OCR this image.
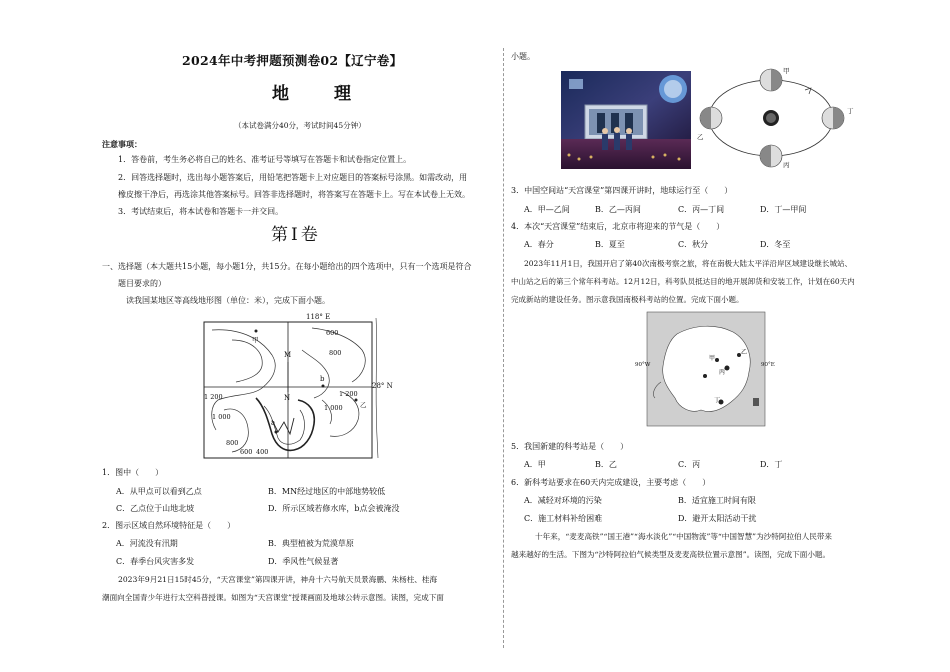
2024年中考押题预测卷02【辽宁卷】
地　理
（本试卷满分40分，考试时间45分钟）
注意事项：
1．答卷前，考生务必将自己的姓名、准考证号等填写在答题卡和试卷指定位置上。
2．回答选择题时，选出每小题答案后，用铅笔把答题卡上对应题目的答案标号涂黑。如需改动，用
橡皮擦干净后，再选涂其他答案标号。回答非选择题时，将答案写在答题卡上。写在本试卷上无效。
3．考试结束后，将本试卷和答题卡一并交回。
第Ⅰ卷
一、选择题（本大题共15小题，每小题1分，共15分。在每小题给出的四个选项中，只有一个选项是符合
题目要求的）
读我国某地区等高线地形图（单位：米），完成下面小题。
118° E
28° N
甲
乙
M
N
a
b
600
800
1 200
1 000
1 200
1 000
800
600 400
1．图中（　　）
A．从甲点可以看到乙点	B．MN经过地区的中部地势较低
C．乙点位于山地北坡	D．所示区域若修水库，b点会被淹没
2．图示区域自然环境特征是（　　）
A．河流没有汛期	B．典型植被为荒漠草原
C．春季台风灾害多发	D．季风性气候显著
2023年9月21日15时45分，“天宫课堂”第四课开讲，神舟十六号航天员景海鹏、朱杨柱、桂海
潮面向全国青少年进行太空科普授课。如图为“天宫课堂”授课画面及地球公转示意图。读图，完成下面
小题。
甲
乙
丙
丁
3．中国空间站“天宫课堂”第四课开讲时，地球运行至（　　）
A．甲—乙间	B．乙—丙间	C．丙—丁间	D．丁—甲间
4．本次“天宫课堂”结束后，北京市将迎来的节气是（　　）
A．春分	B．夏至	C．秋分	D．冬至
2023年11月1日，我国开启了第40次南极考察之旅，将在南极大陆太平洋沿岸区域建设继长城站、
中山站之后的第三个常年科考站。12月12日，科考队员抵达目的地开展卸货和安装工作，计划在60天内
完成新站的建设任务。图示意我国南极科考站的位置。完成下面小题。
90°W	90°E
甲
乙
丙
丁
5．我国新建的科考站是（　　）
A．甲	B．乙	C．丙	D．丁
6．新科考站要求在60天内完成建设，主要考虑（　　）
A．减轻对环境的污染	B．适宜施工时间有限
C．施工材料补给困难	D．避开太阳活动干扰
十年来，“麦麦高铁”“国王港”“海水淡化”“中国物流”等“中国智慧”为沙特阿拉伯人民带来
越来越好的生活。下图为“沙特阿拉伯气候类型及麦麦高铁位置示意图”。读图，完成下面小题。
